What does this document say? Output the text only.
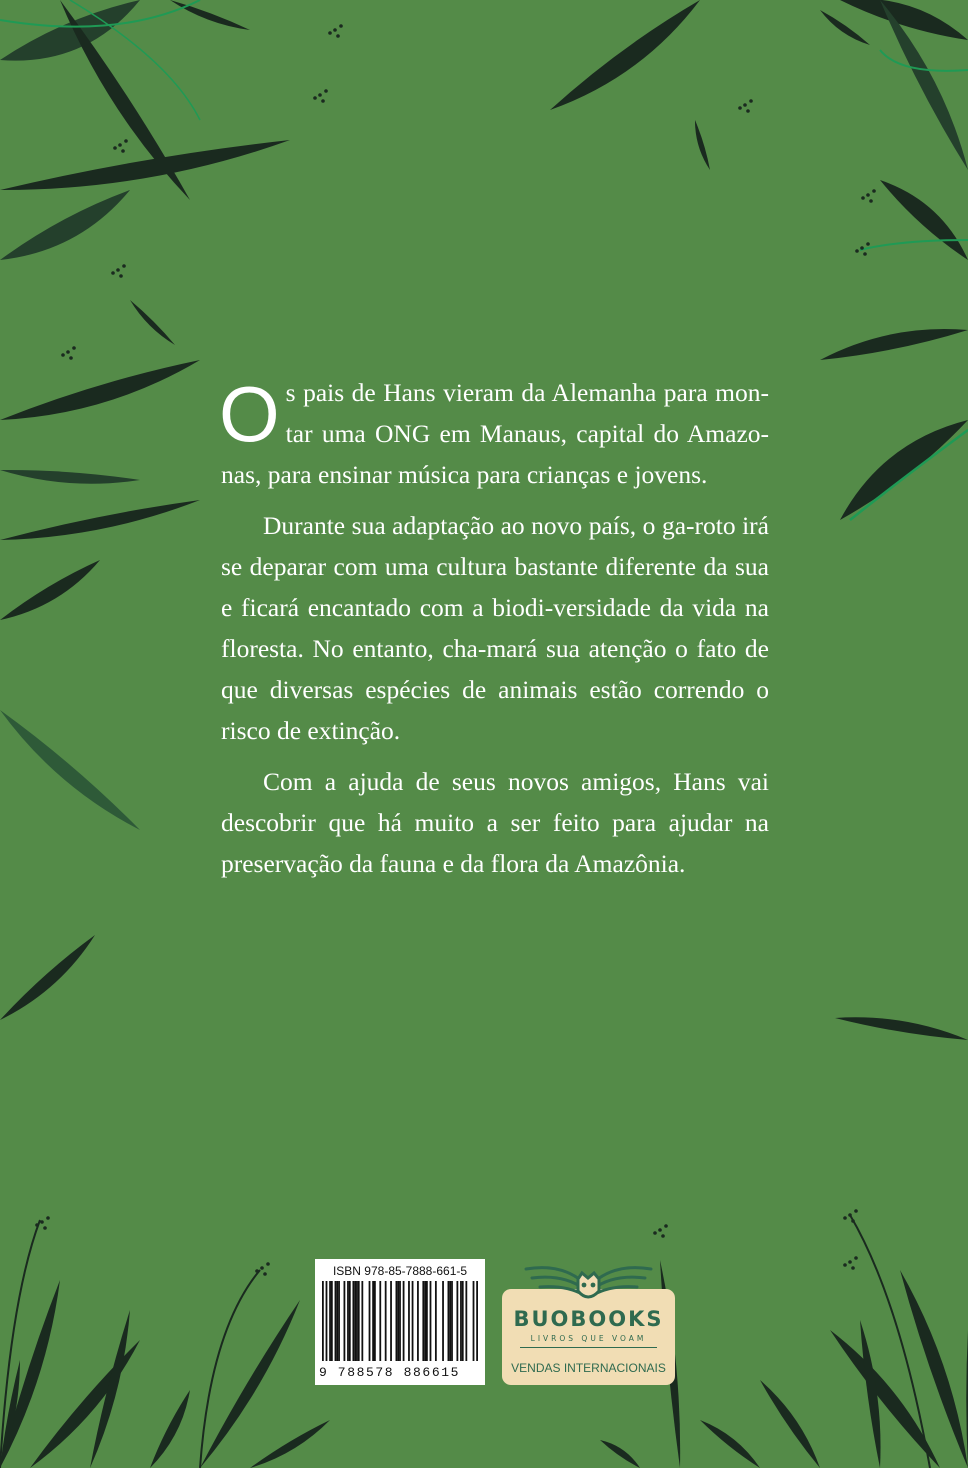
Os pais de Hans vieram da Alemanha para mon-tar uma ONG em Manaus, capital do Amazo-nas, para ensinar música para crianças e jovens.

Durante sua adaptação ao novo país, o ga-roto irá se deparar com uma cultura bastante diferente da sua e ficará encantado com a biodi-versidade da vida na floresta. No entanto, cha-mará sua atenção o fato de que diversas espécies de animais estão correndo o risco de extinção.

Com a ajuda de seus novos amigos, Hans vai descobrir que há muito a ser feito para ajudar na preservação da fauna e da flora da Amazônia.

ISBN 978-85-7888-661-5
9 788578 886615
BUOBOOKS
LIVROS QUE VOAM
VENDAS INTERNACIONAIS
